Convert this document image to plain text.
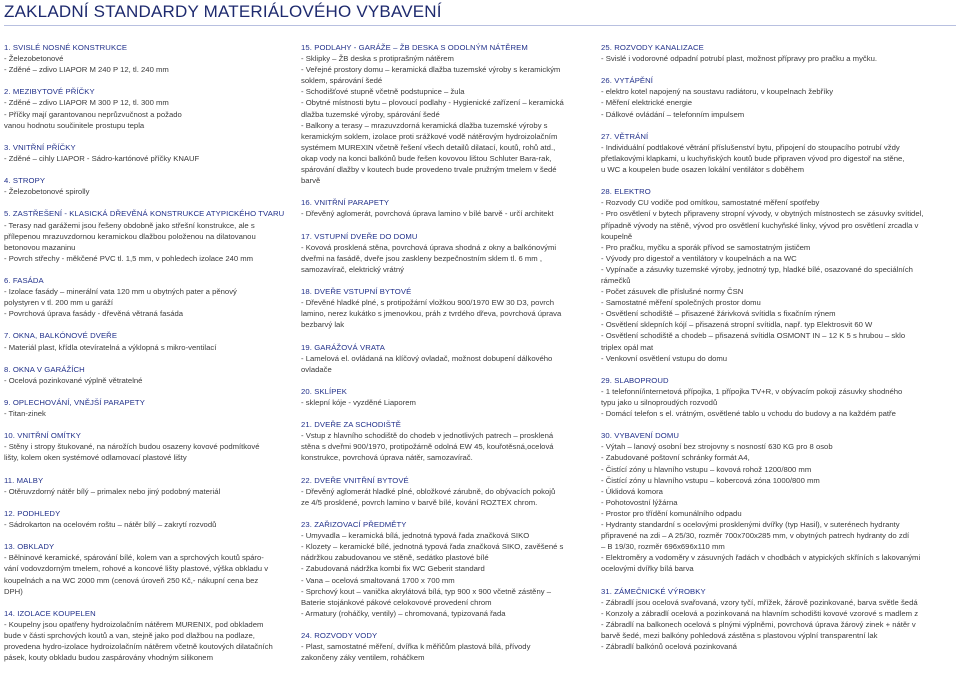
ZAKLADNÍ STANDARDY MATERIÁLOVÉHO VYBAVENÍ
1. SVISLÉ NOSNÉ KONSTRUKCE
- Železobetonové
- Zděné – zdivo LIAPOR M 240 P 12, tl. 240 mm
2. MEZIBYTOVÉ PŘÍČKY
- Zděné – zdivo LIAPOR M 300 P 12, tl. 300 mm
- Příčky mají garantovanou neprůzvučnost a požado
vanou hodnotu součinitele prostupu tepla
3. VNITŘNÍ PŘÍČKY
- Zděné – cihly LIAPOR - Sádro-kartónové příčky KNAUF
4. STROPY
- Železobetonové spirolly
5. ZASTŘEŠENÍ - KLASICKÁ DŘEVĚNÁ KONSTRUKCE ATYPICKÉHO TVARU
- Terasy nad garážemi jsou řešeny obdobně jako střešní konstrukce, ale s
přílepenou mrazuvzdornou keramickou dlažbou položenou na dilatovanou
betonovou mazaninu
- Povrch střechy - měkčené PVC tl. 1,5 mm, v pohledech izolace 240 mm
6. FASÁDA
- Izolace fasády – minerální vata 120 mm u obytných pater a pěnový
polystyren v tl. 200 mm u garáží
- Povrchová úprava fasády - dřevěná větraná fasáda
7. OKNA, BALKÓNOVÉ DVEŘE
- Materiál plast, křídla otevíratelná a výklopná s mikro-ventilací
8. OKNA V GARÁŽÍCH
- Ocelová pozinkované výplně větratelné
9. OPLECHOVÁNÍ, VNĚJŠÍ PARAPETY
- Titan-zinek
10. VNITŘNÍ OMÍTKY
- Stěny i stropy štukované, na nárožích budou osazeny kovové podmítkové
lišty, kolem oken systémové odlamovací plastové lišty
11. MALBY
- Otěruvzdorný nátěr bílý – primalex nebo jiný podobný materiál
12. PODHLEDY
- Sádrokarton na ocelovém roštu – nátěr bílý – zakrytí rozvodů
13. OBKLADY
- Bělninové keramické, spárování bílé, kolem van a sprchových koutů spáro-
vání vodovzdorným tmelem, rohové a koncové lišty plastové, výška obkladu v
koupelnách a na WC 2000 mm (cenová úroveň 250 Kč,- nákupní cena bez
DPH)
14. IZOLACE KOUPELEN
- Koupelny jsou opatřeny hydroizolačním nátěrem MURENIX, pod obkladem
bude v části sprchových koutů a van, stejně jako pod dlažbou na podlaze,
provedena hydro-izolace hydroizolačním nátěrem včetně koutových dilatačních
pásek, kouty obkladu budou zaspárovány vhodným silikonem
15. PODLAHY - GARÁŽE – ŽB DESKA S ODOLNÝM NÁTĚREM
- Sklipky – ŽB deska s protiprašným nátěrem
- Veřejné prostory domu – keramická dlažba tuzemské výroby s keramickým
soklem, spárování šedé
- Schodišťové stupně včetně podstupnice – žula
- Obytné místnosti bytu – plovoucí podlahy - Hygienické zařízení – keramická
dlažba tuzemské výroby, spárování šedé
- Balkony a terasy – mrazuvzdorná keramická dlažba tuzemské výroby s
keramickým soklem, izolace proti srážkové vodě nátěrovým hydroizolačním
systémem MUREXIN včetně řešení všech detailů dilatací, koutů, rohů atd.,
okap vody na konci balkónů bude řešen kovovou lištou Schluter Bara-rak,
spárování dlažby v koutech bude provedeno trvale pružným tmelem v šedé
barvě
16. VNITŘNÍ PARAPETY
- Dřevěný aglomerát, povrchová úprava lamino v bílé barvě - určí architekt
17. VSTUPNÍ DVEŘE DO DOMU
- Kovová prosklená stěna, povrchová úprava shodná z okny a balkónovými
dveřmi na fasádě, dveře jsou zaskleny bezpečnostním sklem tl. 6 mm ,
samozavírač, elektrický vrátný
18. DVEŘE VSTUPNÍ BYTOVÉ
- Dřevěné hladké plné, s protipožární vložkou 900/1970 EW 30 D3, povrch
lamino, nerez kukátko s jmenovkou, práh z tvrdého dřeva, povrchová úprava
bezbarvý lak
19. GARÁŽOVÁ VRATA
- Lamelová el. ovládaná na klíčový ovladač, možnost dobupení dálkového
ovladače
20. SKLÍPEK
- sklepní kóje - vyzděné Liaporem
21. DVEŘE ZA SCHODIŠTĚ
- Vstup z hlavního schodiště do chodeb v jednotlivých patrech – prosklená
stěna s dveřmi 900/1970, protipožárně odolná EW 45, kouřotěsná,ocelová
konstrukce, povrchová úprava nátěr, samozavírač.
22. DVEŘE VNITŘNÍ BYTOVÉ
- Dřevěný aglomerát hladké plné, obložkové zárubně, do obývacích pokojů
ze 4/5 prosklené, povrch lamino v barvě bílé, kování ROZTEX chrom.
23. ZAŘIZOVACÍ PŘEDMĚTY
- Umyvadla – keramická bílá, jednotná typová řada značková SIKO
- Klozety – keramické bílé, jednotná typová řada značková SIKO, zavěšené s
nádržkou zabudovanou ve stěně, sedátko plastové bílé
- Zabudovaná nádržka kombi fix WC Geberit standard
- Vana – ocelová smaltovaná 1700 x 700 mm
- Sprchový kout – vanička akrylátová bílá, typ 900 x 900 včetně zástěny –
Baterie stojánkové pákové celokovové provedení chrom
- Armatury (roháčky, ventily) – chromovaná, typizovaná řada
24. ROZVODY VODY
- Plast, samostatné měření, dvířka k měřičům plastová bílá, přívody
zakončeny záky ventilem, roháčkem
25. ROZVODY KANALIZACE
- Svislé i vodorovné odpadní potrubí plast, možnost přípravy pro pračku a myčku.
26. VYTÁPĚNÍ
- elektro kotel napojený na soustavu radiátoru, v koupelnach žebříky
- Měření elektrické energie
- Dálkové ovládání – telefonním impulsem
27. VĚTRÁNÍ
- Individuální podtlakové větrání příslušenství bytu, připojení do stoupacího potrubí vždy
přetlakovými klapkami, u kuchyňských koutů bude připraven vývod pro digestoř na stěne,
u WC a koupelen bude osazen lokální ventilátor s doběhem
28. ELEKTRO
- Rozvody CU vodiče pod omítkou, samostatné měření spotřeby
- Pro osvětlení v bytech připraveny stropní vývody, v obytných místnostech se zásuvky svítidel,
případně vývody na stěně, vývod pro osvětlení kuchyňské linky, vývod pro osvětlení zrcadla v
koupelně
- Pro pračku, myčku a sporák přívod se samostatným jističem
- Vývody pro digestoř a ventilátory v koupelnách a na WC
- Vypínače a zásuvky tuzemské výroby, jednotný typ, hladké bílé, osazované do speciálních
rámečků
- Počet zásuvek dle příslušné normy ČSN
- Samostatné měření společných prostor domu
- Osvětlení schodiště – přisazené žárivková svítidla s fixačním rýnem
- Osvětlení sklepních kójí – přisazená stropní svítidla, např. typ Elektrosvit 60 W
- Osvětlení schodiště a chodeb – přisazená svítidla OSMONT IN – 12 K 5 s hrubou – sklo
triplex opál mat
- Venkovní osvětlení vstupu do domu
29. SLABOPROUD
- 1 telefonní/internetová přípojka, 1 přípojka TV+R, v obývacím pokoji zásuvky shodného
typu jako u silnoproudých rozvodů
- Domácí telefon s el. vrátným, osvětlené tablo u vchodu do budovy a na každém patře
30. VYBAVENÍ DOMU
- Výtah – lanový osobní bez strojovny s nosností 630 KG pro 8 osob
- Zabudované poštovní schránky formát A4,
- Čistící zóny u hlavního vstupu – kovová rohož 1200/800 mm
- Čistící zóny u hlavního vstupu – kobercová zóna 1000/800 mm
- Úklidová komora
- Pohotovostní lýžárna
- Prostor pro třídění komunálního odpadu
- Hydranty standardní s ocelovými prosklenými dvířky (typ Hasil), v suterénech hydranty
připravené na zdi – A 25/30, rozměr 700x700x285 mm, v obytných patrech hydranty do zdí
– B 19/30, rozměr 696x696x110 mm
- Elektroměry a vodoměry v zásuvných řadách v chodbách v atypických skříních s lakovanými
ocelovými dvířky bílá barva
31. ZÁMEČNICKÉ VÝROBKY
- Zábradlí jsou ocelová svařovaná, vzory tyčí, mřížek, žárově pozinkované, barva světle šedá
- Konzoly a zábradlí ocelová a pozinkovaná na hlavním schodišti kovové vzorové s madlem z
- Zábradlí na balkonech ocelová s plnými výplněmi, povrchová úprava žárový zinek + nátěr v
barvě šedé, mezi balkóny pohledová zástěna s plastovou výplní transparentní lak
- Zábradlí balkónů ocelová pozinkovaná
